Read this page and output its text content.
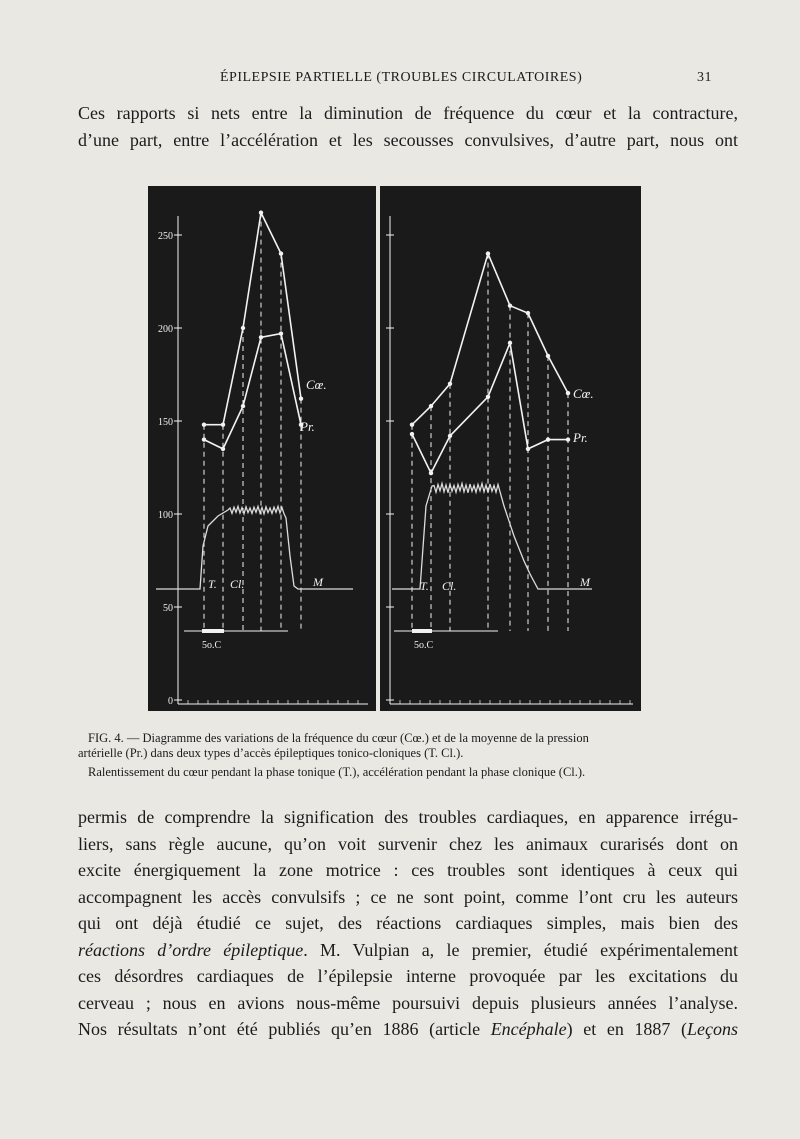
ÉPILEPSIE PARTIELLE (TROUBLES CIRCULATOIRES)	31
Ces rapports si nets entre la diminution de fréquence du cœur et la contracture,
d’une part, entre l’accélération et les secousses convulsives, d’autre part, nous ont
0
50
100
150
200
250
Cœ.
Pr.
T. Cl.	M
5o.C
Cœ.
Pr.
T. Cl.	M
5o.C
FIG. 4. — Diagramme des variations de la fréquence du cœur (Cœ.) et de la moyenne de la pression
artérielle (Pr.) dans deux types d’accès épileptiques tonico-cloniques (T. Cl.).
Ralentissement du cœur pendant la phase tonique (T.), accélération pendant la phase clonique (Cl.).
permis de comprendre la signification des troubles cardiaques, en apparence irrégu-
liers, sans règle aucune, qu’on voit survenir chez les animaux curarisés dont on
excite énergiquement la zone motrice : ces troubles sont identiques à ceux qui
accompagnent les accès convulsifs ; ce ne sont point, comme l’ont cru les auteurs
qui ont déjà étudié ce sujet, des réactions cardiaques simples, mais bien des
réactions d’ordre épileptique. M. Vulpian a, le premier, étudié expérimentalement
ces désordres cardiaques de l’épilepsie interne provoquée par les excitations du
cerveau ; nous en avions nous-même poursuivi depuis plusieurs années l’analyse.
Nos résultats n’ont été publiés qu’en 1886 (article Encéphale) et en 1887 (Leçons
